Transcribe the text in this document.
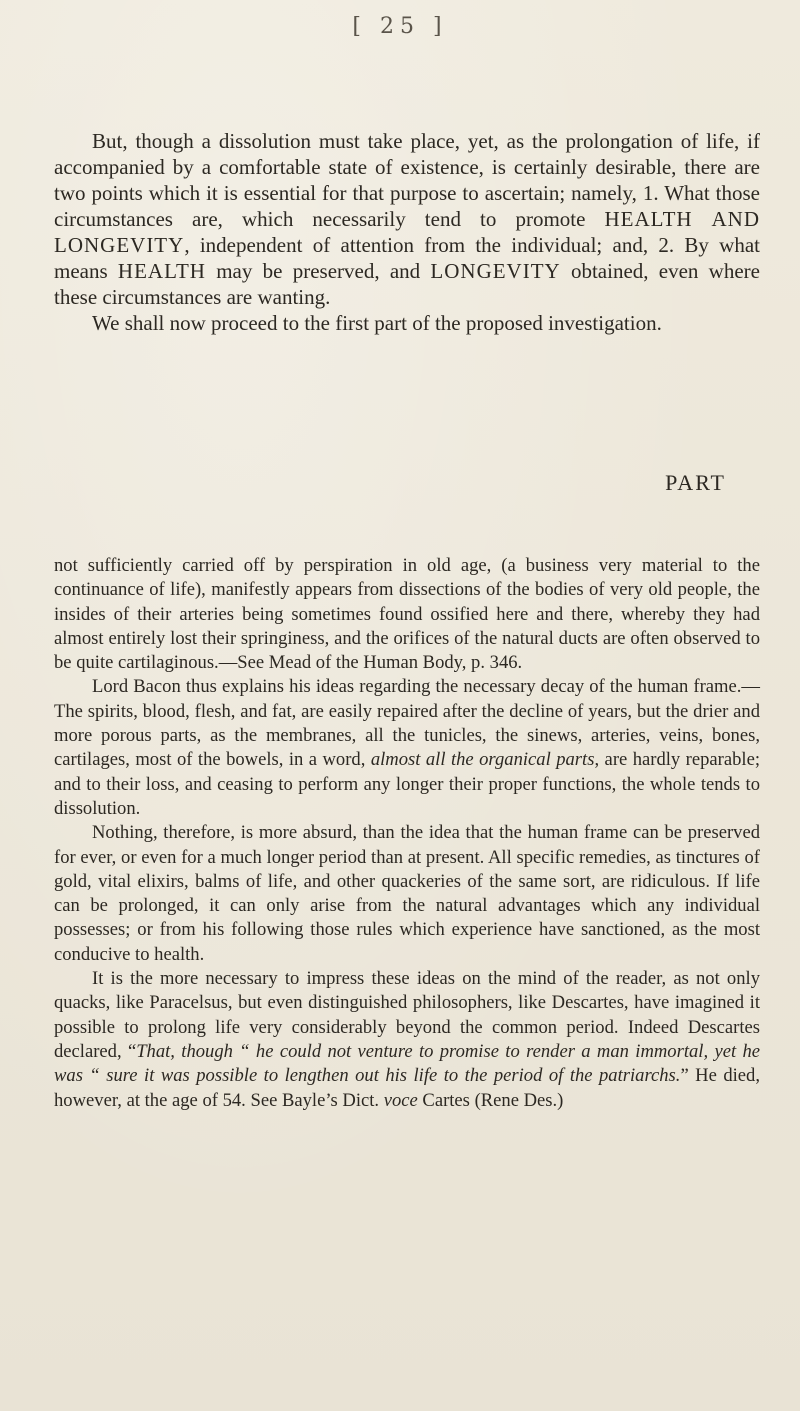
[ 25 ]

But, though a dissolution must take place, yet, as the prolongation of life, if accompanied by a comfortable state of existence, is certainly desirable, there are two points which it is essential for that purpose to ascertain; namely, 1. What those circumstances are, which necessarily tend to promote HEALTH AND LONGEVITY, independent of attention from the individual; and, 2. By what means HEALTH may be preserved, and LONGEVITY obtained, even where these circumstances are wanting.

We shall now proceed to the first part of the proposed investigation.

PART

not sufficiently carried off by perspiration in old age, (a business very material to the continuance of life), manifestly appears from dissections of the bodies of very old people, the insides of their arteries being sometimes found ossified here and there, whereby they had almost entirely lost their springiness, and the orifices of the natural ducts are often observed to be quite cartilaginous.—See Mead of the Human Body, p. 346.

Lord Bacon thus explains his ideas regarding the necessary decay of the human frame.—The spirits, blood, flesh, and fat, are easily repaired after the decline of years, but the drier and more porous parts, as the membranes, all the tunicles, the sinews, arteries, veins, bones, cartilages, most of the bowels, in a word, almost all the organical parts, are hardly reparable; and to their loss, and ceasing to perform any longer their proper functions, the whole tends to dissolution.

Nothing, therefore, is more absurd, than the idea that the human frame can be preserved for ever, or even for a much longer period than at present. All specific remedies, as tinctures of gold, vital elixirs, balms of life, and other quackeries of the same sort, are ridiculous. If life can be prolonged, it can only arise from the natural advantages which any individual possesses; or from his following those rules which experience have sanctioned, as the most conducive to health.

It is the more necessary to impress these ideas on the mind of the reader, as not only quacks, like Paracelsus, but even distinguished philosophers, like Descartes, have imagined it possible to prolong life very considerably beyond the common period. Indeed Descartes declared, “That, though “ he could not venture to promise to render a man immortal, yet he was “ sure it was possible to lengthen out his life to the period of the patriarchs.” He died, however, at the age of 54. See Bayle’s Dict. voce Cartes (Rene Des.)
